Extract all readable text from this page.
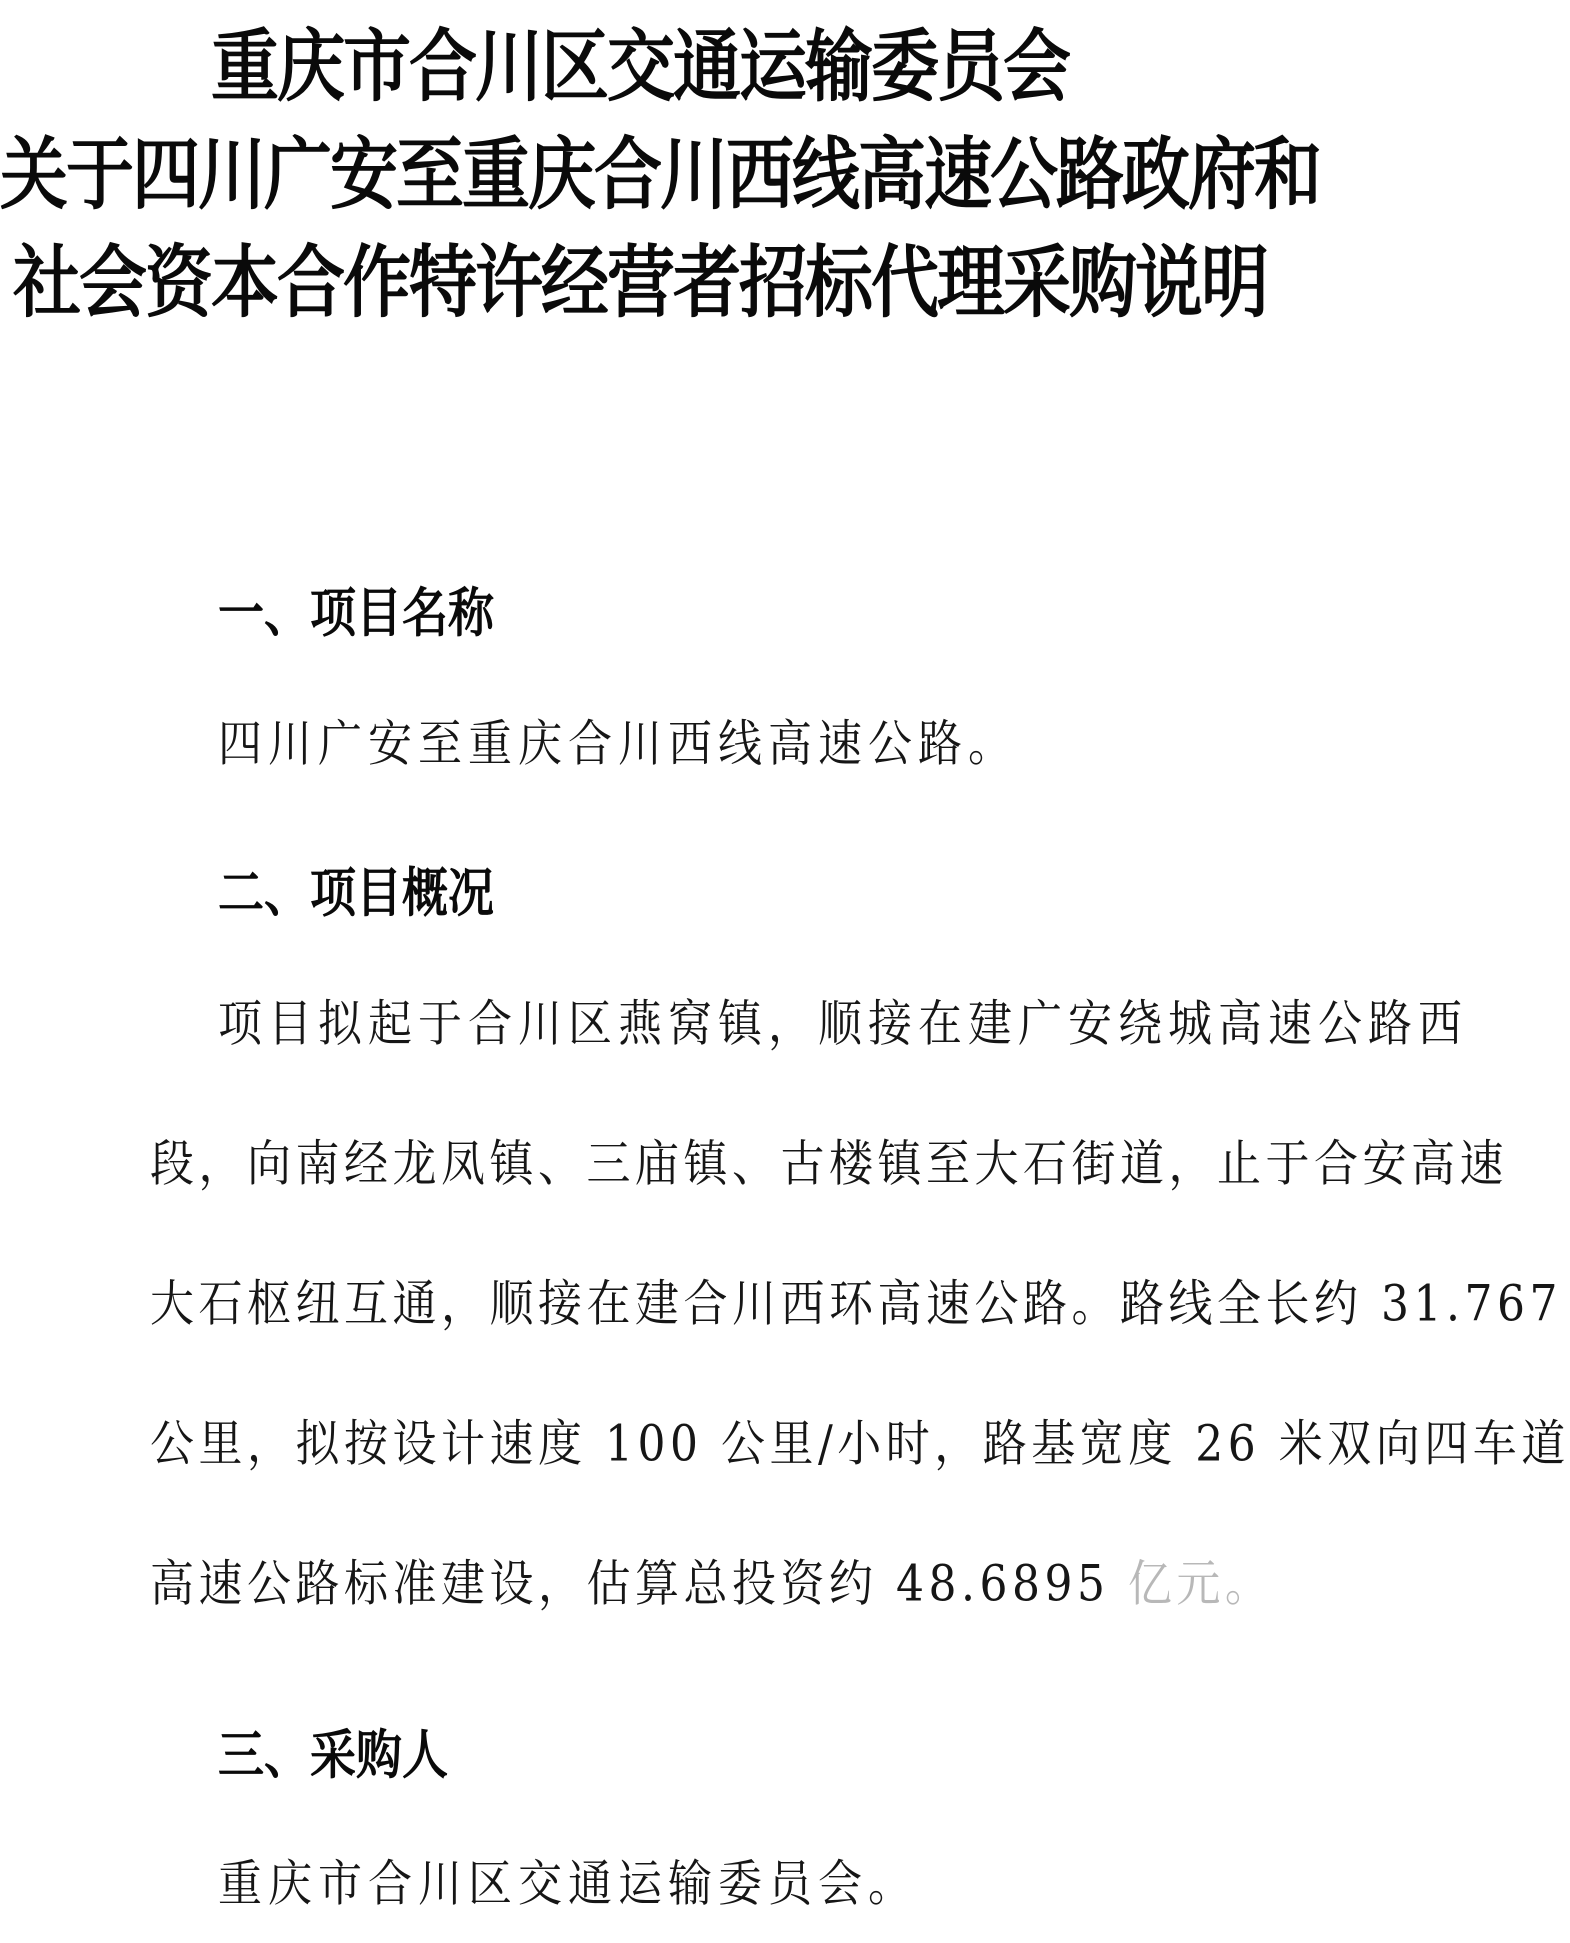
重庆市合川区交通运输委员会
关于四川广安至重庆合川西线高速公路政府和
社会资本合作特许经营者招标代理采购说明
一、项目名称
四川广安至重庆合川西线高速公路。
二、项目概况
项目拟起于合川区燕窝镇，顺接在建广安绕城高速公路西
段，向南经龙凤镇、三庙镇、古楼镇至大石街道，止于合安高速
大石枢纽互通，顺接在建合川西环高速公路。路线全长约 31.767
公里，拟按设计速度 100 公里/小时，路基宽度 26 米双向四车道
高速公路标准建设，估算总投资约 48.6895 亿元。
三、采购人
重庆市合川区交通运输委员会。
